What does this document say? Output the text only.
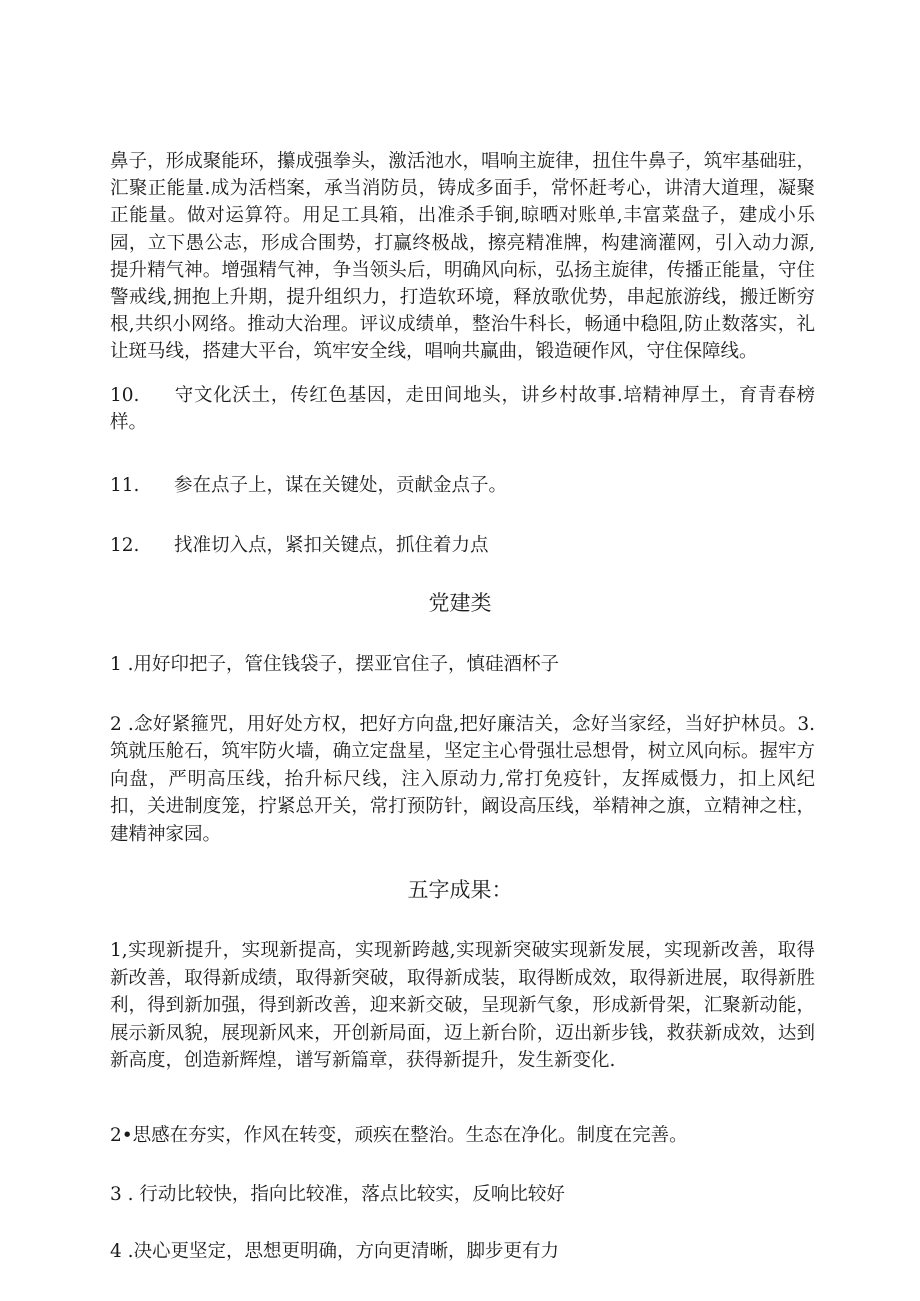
鼻子，形成聚能环，攥成强拳头，激活池水，唱响主旋律，扭住牛鼻子，筑牢基础驻，汇聚正能量.成为活档案，承当消防员，铸成多面手，常怀赶考心，讲清大道理，凝聚正能量。做对运算符。用足工具箱，出准杀手锏,晾晒对账单,丰富菜盘子，建成小乐园，立下愚公志，形成合围势，打赢终极战，擦亮精准牌，构建滴灌网，引入动力源,提升精气神。增强精气神，争当领头后，明确风向标，弘扬主旋律，传播正能量，守住警戒线,拥抱上升期，提升组织力，打造软环境，释放歌优势，串起旅游线，搬迁断穷根,共织小网络。推动大治理。评议成绩单，整治牛科长，畅通中稳阻,防止数落实，礼让斑马线，搭建大平台，筑牢安全线，唱响共赢曲，锻造硬作风，守住保障线。

10. 守文化沃土，传红色基因，走田间地头，讲乡村故事.培精神厚土，育青春榜样。

11. 参在点子上，谋在关键处，贡献金点子。

12. 找准切入点，紧扣关键点，抓住着力点

党建类

1 .用好印把子，管住钱袋子，摆亚官住子，慎硅酒杯子

2 .念好紧箍咒，用好处方权，把好方向盘,把好廉洁关，念好当家经，当好护林员。3.筑就压舱石，筑牢防火墙，确立定盘星，坚定主心骨强壮忌想骨，树立风向标。握牢方向盘，严明高压线，抬升标尺线，注入原动力,常打免疫针，友挥威慑力，扣上风纪扣，关进制度笼，拧紧总开关，常打预防针，阚设高压线，举精神之旗，立精神之柱，建精神家园。

五字成果：

1,实现新提升，实现新提高，实现新跨越,实现新突破实现新发展，实现新改善，取得新改善，取得新成绩，取得新突破，取得新成装，取得断成效，取得新进展，取得新胜利，得到新加强，得到新改善，迎来新交破，呈现新气象，形成新骨架，汇聚新动能，展示新凤貌，展现新风来，开创新局面，迈上新台阶，迈出新步钱，救获新成效，达到新高度，创造新辉煌，谱写新篇章，获得新提升，发生新变化.

2•思感在夯实，作风在转变，顽疾在整治。生态在净化。制度在完善。

3 . 行动比较快，指向比较准，落点比较实，反响比较好

4 .决心更坚定，思想更明确，方向更清晰，脚步更有力
